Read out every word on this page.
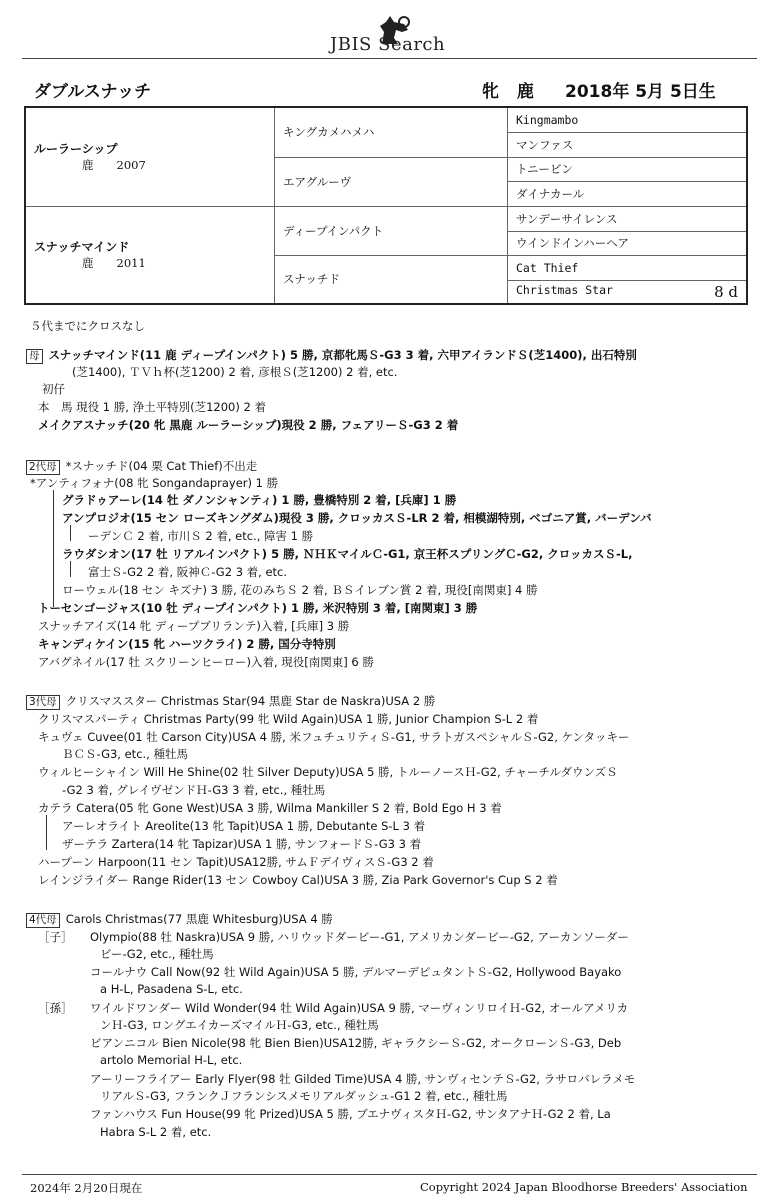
JBIS Search
ダブルスナッチ	牝 鹿 2018年 5月 5日生
ルーラーシップ
鹿　　2007	キングカメハメハ	Kingmambo
		マンファス
	エアグルーヴ	トニービン
		ダイナカール

スナッチマインド
鹿　　2011	ディープインパクト	サンデーサイレンス
		ウインドインハーヘア
	スナッチド	Cat Thief
		Christmas Star 8 d
５代までにクロスなし
母 スナッチマインド(11 鹿 ディープインパクト) 5 勝, 京都牝馬Ｓ-G3 3 着, 六甲アイランドＳ(芝1400), 出石特別
(芝1400), ＴＶｈ杯(芝1200) 2 着, 彦根Ｓ(芝1200) 2 着, etc.
初仔
本　馬 現役 1 勝, 浄土平特別(芝1200) 2 着
メイクアスナッチ(20 牝 黒鹿 ルーラーシップ)現役 2 勝, フェアリーＳ-G3 2 着
2代母 *スナッチド(04 栗 Cat Thief)不出走
*アンティフォナ(08 牝 Songandaprayer) 1 勝
グラドゥアーレ(14 牡 ダノンシャンティ) 1 勝, 豊橋特別 2 着, [兵庫] 1 勝
アンプロジオ(15 セン ローズキングダム)現役 3 勝, クロッカスＳ-LR 2 着, 相模湖特別, ベゴニア賞, バーデンバ
ーデンＣ 2 着, 市川Ｓ 2 着, etc., 障害 1 勝
ラウダシオン(17 牡 リアルインパクト) 5 勝, ＮＨＫマイルＣ-G1, 京王杯スプリングＣ-G2, クロッカスＳ-L,
富士Ｓ-G2 2 着, 阪神Ｃ-G2 3 着, etc.
ローウェル(18 セン キズナ) 3 勝, 花のみちＳ 2 着, ＢＳイレブン賞 2 着, 現役[南関東] 4 勝
トーセンゴージャス(10 牡 ディープインパクト) 1 勝, 米沢特別 3 着, [南関東] 3 勝
スナッチアイズ(14 牝 ディープブリランテ)入着, [兵庫] 3 勝
キャンディケイン(15 牝 ハーツクライ) 2 勝, 国分寺特別
アバグネイル(17 牡 スクリーンヒーロー)入着, 現役[南関東] 6 勝
3代母 クリスマススター Christmas Star(94 黒鹿 Star de Naskra)USA 2 勝
クリスマスパーティ Christmas Party(99 牝 Wild Again)USA 1 勝, Junior Champion S-L 2 着
キュヴェ Cuvee(01 牡 Carson City)USA 4 勝, 米フュチュリティＳ-G1, サラトガスペシャルＳ-G2, ケンタッキー
ＢＣＳ-G3, etc., 種牡馬
ウィルヒーシャイン Will He Shine(02 牡 Silver Deputy)USA 5 勝, トルーノースＨ-G2, チャーチルダウンズＳ
-G2 3 着, グレイヴゼンドＨ-G3 3 着, etc., 種牡馬
カテラ Catera(05 牝 Gone West)USA 3 勝, Wilma Mankiller S 2 着, Bold Ego H 3 着
アーレオライト Areolite(13 牝 Tapit)USA 1 勝, Debutante S-L 3 着
ザーテラ Zartera(14 牝 Tapizar)USA 1 勝, サンフォードＳ-G3 3 着
ハープーン Harpoon(11 セン Tapit)USA12勝, サムＦデイヴィスＳ-G3 2 着
レインジライダー Range Rider(13 セン Cowboy Cal)USA 3 勝, Zia Park Governor's Cup S 2 着
4代母 Carols Christmas(77 黒鹿 Whitesburg)USA 4 勝
［子］ Olympio(88 牡 Naskra)USA 9 勝, ハリウッドダービー-G1, アメリカンダービー-G2, アーカンソーダー
ビー-G2, etc., 種牡馬
コールナウ Call Now(92 牡 Wild Again)USA 5 勝, デルマーデビュタントＳ-G2, Hollywood Bayako
a H-L, Pasadena S-L, etc.
［孫］ ワイルドワンダー Wild Wonder(94 牡 Wild Again)USA 9 勝, マーヴィンリロイＨ-G2, オールアメリカ
ンＨ-G3, ロングエイカーズマイルＨ-G3, etc., 種牡馬
ビアンニコル Bien Nicole(98 牝 Bien Bien)USA12勝, ギャラクシーＳ-G2, オークローンＳ-G3, Deb
artolo Memorial H-L, etc.
アーリーフライアー Early Flyer(98 牡 Gilded Time)USA 4 勝, サンヴィセンテＳ-G2, ラサロバレラメモ
リアルＳ-G3, フランクＪフランシスメモリアルダッシュ-G1 2 着, etc., 種牡馬
ファンハウス Fun House(99 牝 Prized)USA 5 勝, ブエナヴィスタＨ-G2, サンタアナＨ-G2 2 着, La
Habra S-L 2 着, etc.
2024年 2月20日現在	Copyright 2024 Japan Bloodhorse Breeders' Association
